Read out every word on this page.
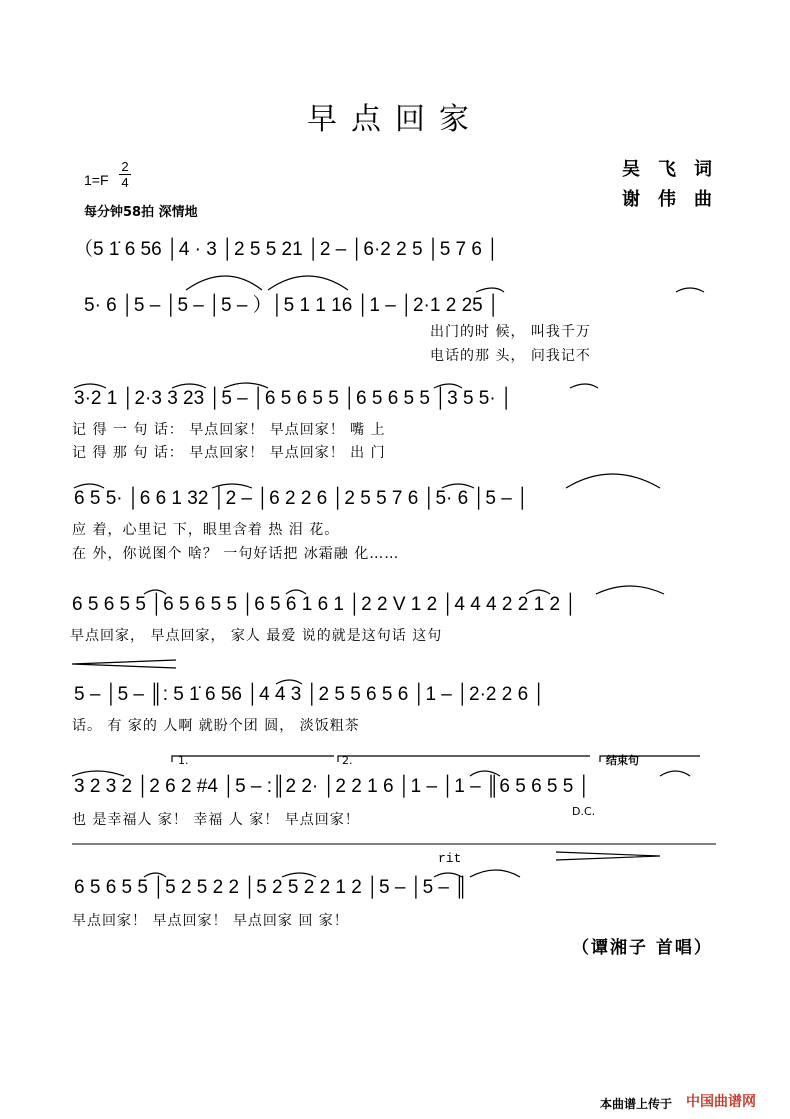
早点回家
1=F
2
4
每分钟58拍 深情地
吴飞词
谢伟曲
（5 1̇ 6 56 │4 · 3 │2 5 5 21 │2 – │6·2 2 5 │5 7 6 │
5· 6 │5 – │5 – │5 – ）│5 1 1 16 │1 – │2·1 2 25 │
出门的时 候， 叫我千万
电话的那 头， 问我记不
3·2 1 │2·3 3 23 │5 – │6 5 6 5 5 │6 5 6 5 5 │3 5 5· │
记 得 一 句 话： 早点回家！ 早点回家！ 嘴 上
记 得 那 句 话： 早点回家！ 早点回家！ 出 门
6 5 5· │6 6 1 32 │2 – │6 2 2 6 │2 5 5 7 6 │5· 6 │5 – │
应 着，心里记 下，眼里含着 热 泪 花。
在 外，你说图个 啥？ 一句好话把 冰霜融 化……
6 5 6 5 5 │6 5 6 5 5 │6 5 6 1 6 1 │2 2 V 1 2 │4 4 4 2 2 1 2 │
早点回家， 早点回家， 家人 最爱 说的就是这句话 这句
5 – │5 – ║: 5 1̇ 6 56 │4 4 3 │2 5 5 6 5 6 │1 – │2·2 2 6 │
话。 有 家的 人啊 就盼个团 圆， 淡饭粗茶
1.	2.	结束句
3 2 3 2 │2 6 2 #4 │5 – :║2 2· │2 2 1 6 │1 – │1 – ║6 5 6 5 5 │
也 是幸福人 家！ 幸福 人 家！ 早点回家！
D.C.
rit
6 5 6 5 5 │5 2 5 2 2 │5 2 5 2 2 1 2 │5 – │5 – ║
早点回家！ 早点回家！ 早点回家 回 家！
（谭湘子 首唱）
本曲谱上传于 中国曲谱网
